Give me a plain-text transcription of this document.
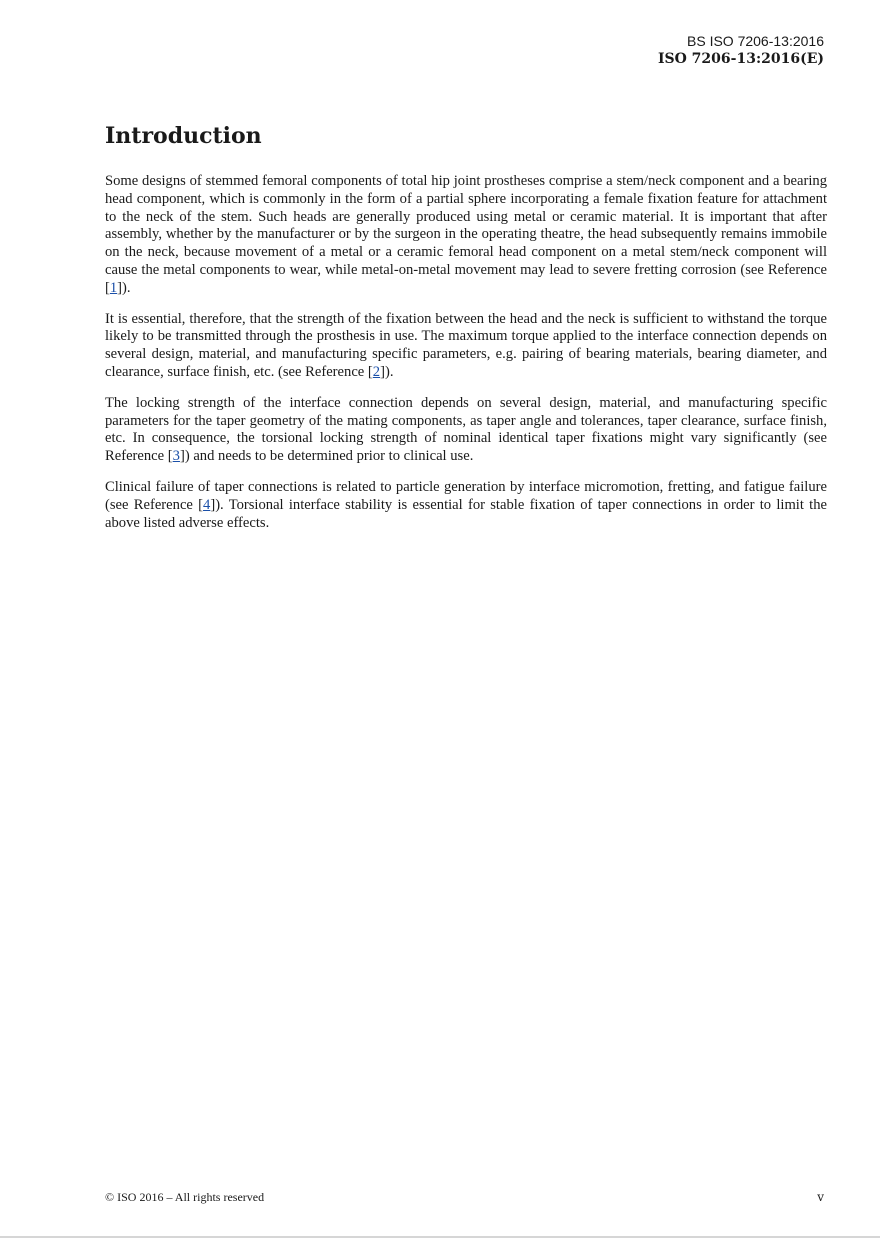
BS ISO 7206-13:2016
ISO 7206-13:2016(E)
Introduction

Some designs of stemmed femoral components of total hip joint prostheses comprise a stem/neck component and a bearing head component, which is commonly in the form of a partial sphere incorporating a female fixation feature for attachment to the neck of the stem. Such heads are generally produced using metal or ceramic material. It is important that after assembly, whether by the manufacturer or by the surgeon in the operating theatre, the head subsequently remains immobile on the neck, because movement of a metal or a ceramic femoral head component on a metal stem/neck component will cause the metal components to wear, while metal-on-metal movement may lead to severe fretting corrosion (see Reference [1]).

It is essential, therefore, that the strength of the fixation between the head and the neck is sufficient to withstand the torque likely to be transmitted through the prosthesis in use. The maximum torque applied to the interface connection depends on several design, material, and manufacturing specific parameters, e.g. pairing of bearing materials, bearing diameter, and clearance, surface finish, etc. (see Reference [2]).

The locking strength of the interface connection depends on several design, material, and manufacturing specific parameters for the taper geometry of the mating components, as taper angle and tolerances, taper clearance, surface finish, etc. In consequence, the torsional locking strength of nominal identical taper fixations might vary significantly (see Reference [3]) and needs to be determined prior to clinical use.

Clinical failure of taper connections is related to particle generation by interface micromotion, fretting, and fatigue failure (see Reference [4]). Torsional interface stability is essential for stable fixation of taper connections in order to limit the above listed adverse effects.

© ISO 2016 – All rights reserved	v
